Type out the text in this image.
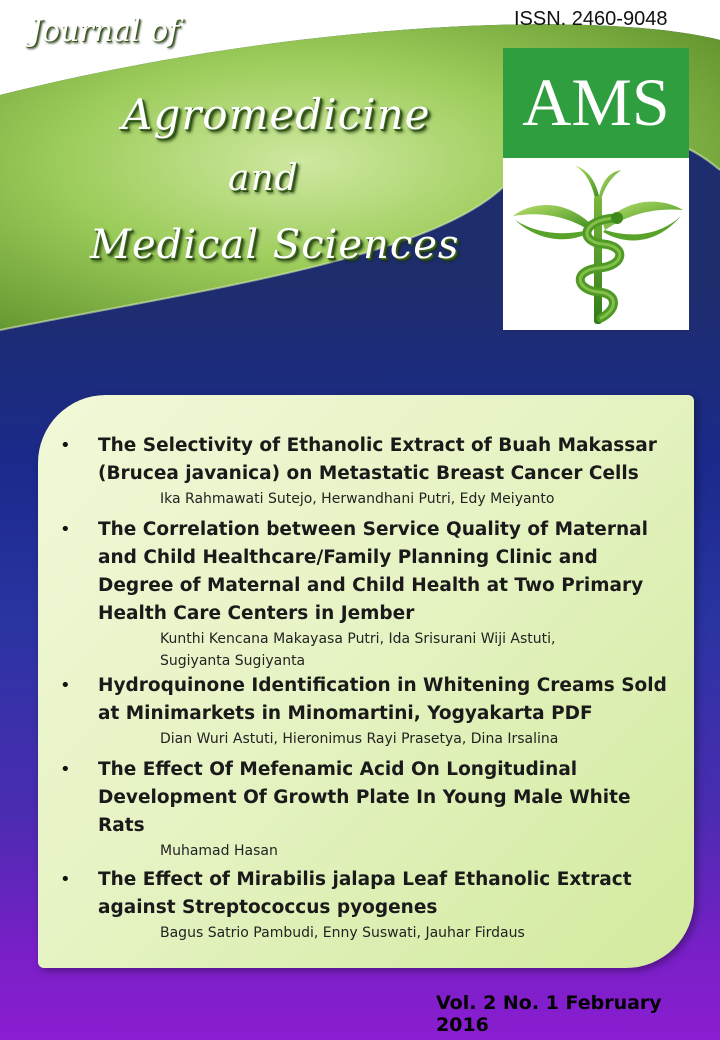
Journal of
Agromedicine
and
Medical Sciences
ISSN. 2460-9048
AMS
• The Selectivity of Ethanolic Extract of Buah Makassar (Brucea javanica) on Metastatic Breast Cancer Cells
Ika Rahmawati Sutejo, Herwandhani Putri, Edy Meiyanto
• The Correlation between Service Quality of Maternal and Child Healthcare/Family Planning Clinic and Degree of Maternal and Child Health at Two Primary Health Care Centers in Jember
Kunthi Kencana Makayasa Putri, Ida Srisurani Wiji Astuti, Sugiyanta Sugiyanta
• Hydroquinone Identification in Whitening Creams Sold at Minimarkets in Minomartini, Yogyakarta PDF
Dian Wuri Astuti, Hieronimus Rayi Prasetya, Dina Irsalina
• The Effect Of Mefenamic Acid On Longitudinal Development Of Growth Plate In Young Male White Rats
Muhamad Hasan
• The Effect of Mirabilis jalapa Leaf Ethanolic Extract against Streptococcus pyogenes
Bagus Satrio Pambudi, Enny Suswati, Jauhar Firdaus
Vol. 2 No. 1 February 2016
